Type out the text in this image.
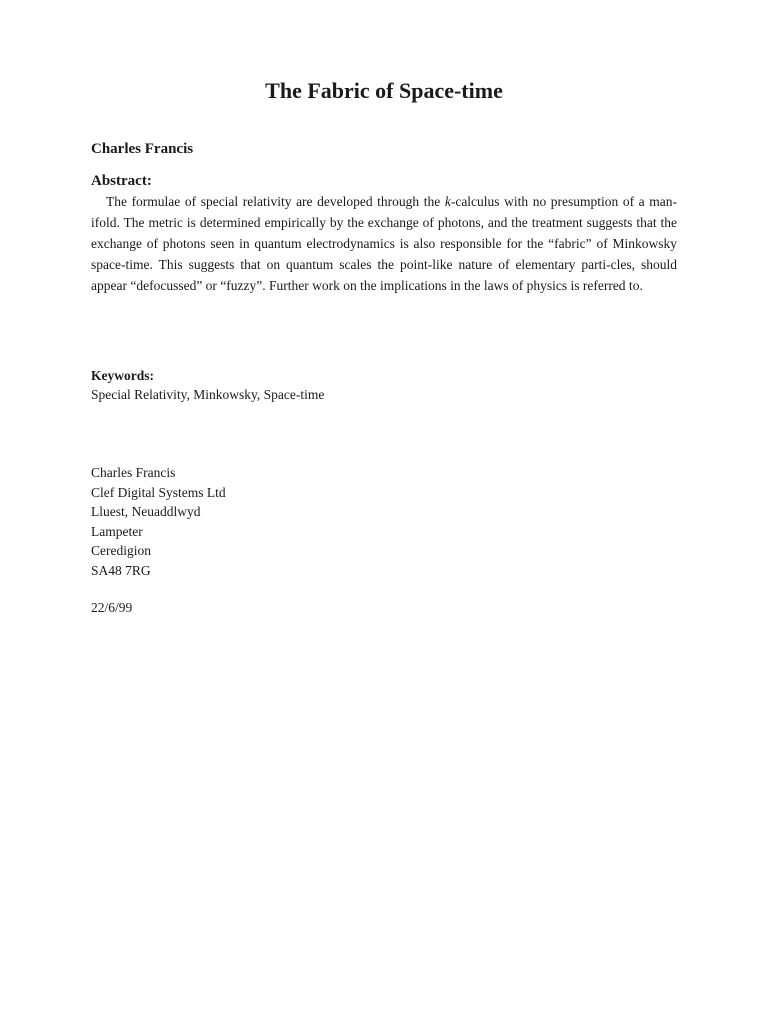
The Fabric of Space-time

Charles Francis

Abstract:

The formulae of special relativity are developed through the k-calculus with no presumption of a man-ifold. The metric is determined empirically by the exchange of photons, and the treatment suggests that the exchange of photons seen in quantum electrodynamics is also responsible for the “fabric” of Minkowsky space-time. This suggests that on quantum scales the point-like nature of elementary parti-cles, should appear “defocussed” or “fuzzy”. Further work on the implications in the laws of physics is referred to.

Keywords:

Special Relativity, Minkowsky, Space-time

Charles Francis
Clef Digital Systems Ltd
Lluest, Neuaddlwyd
Lampeter
Ceredigion
SA48 7RG

22/6/99
